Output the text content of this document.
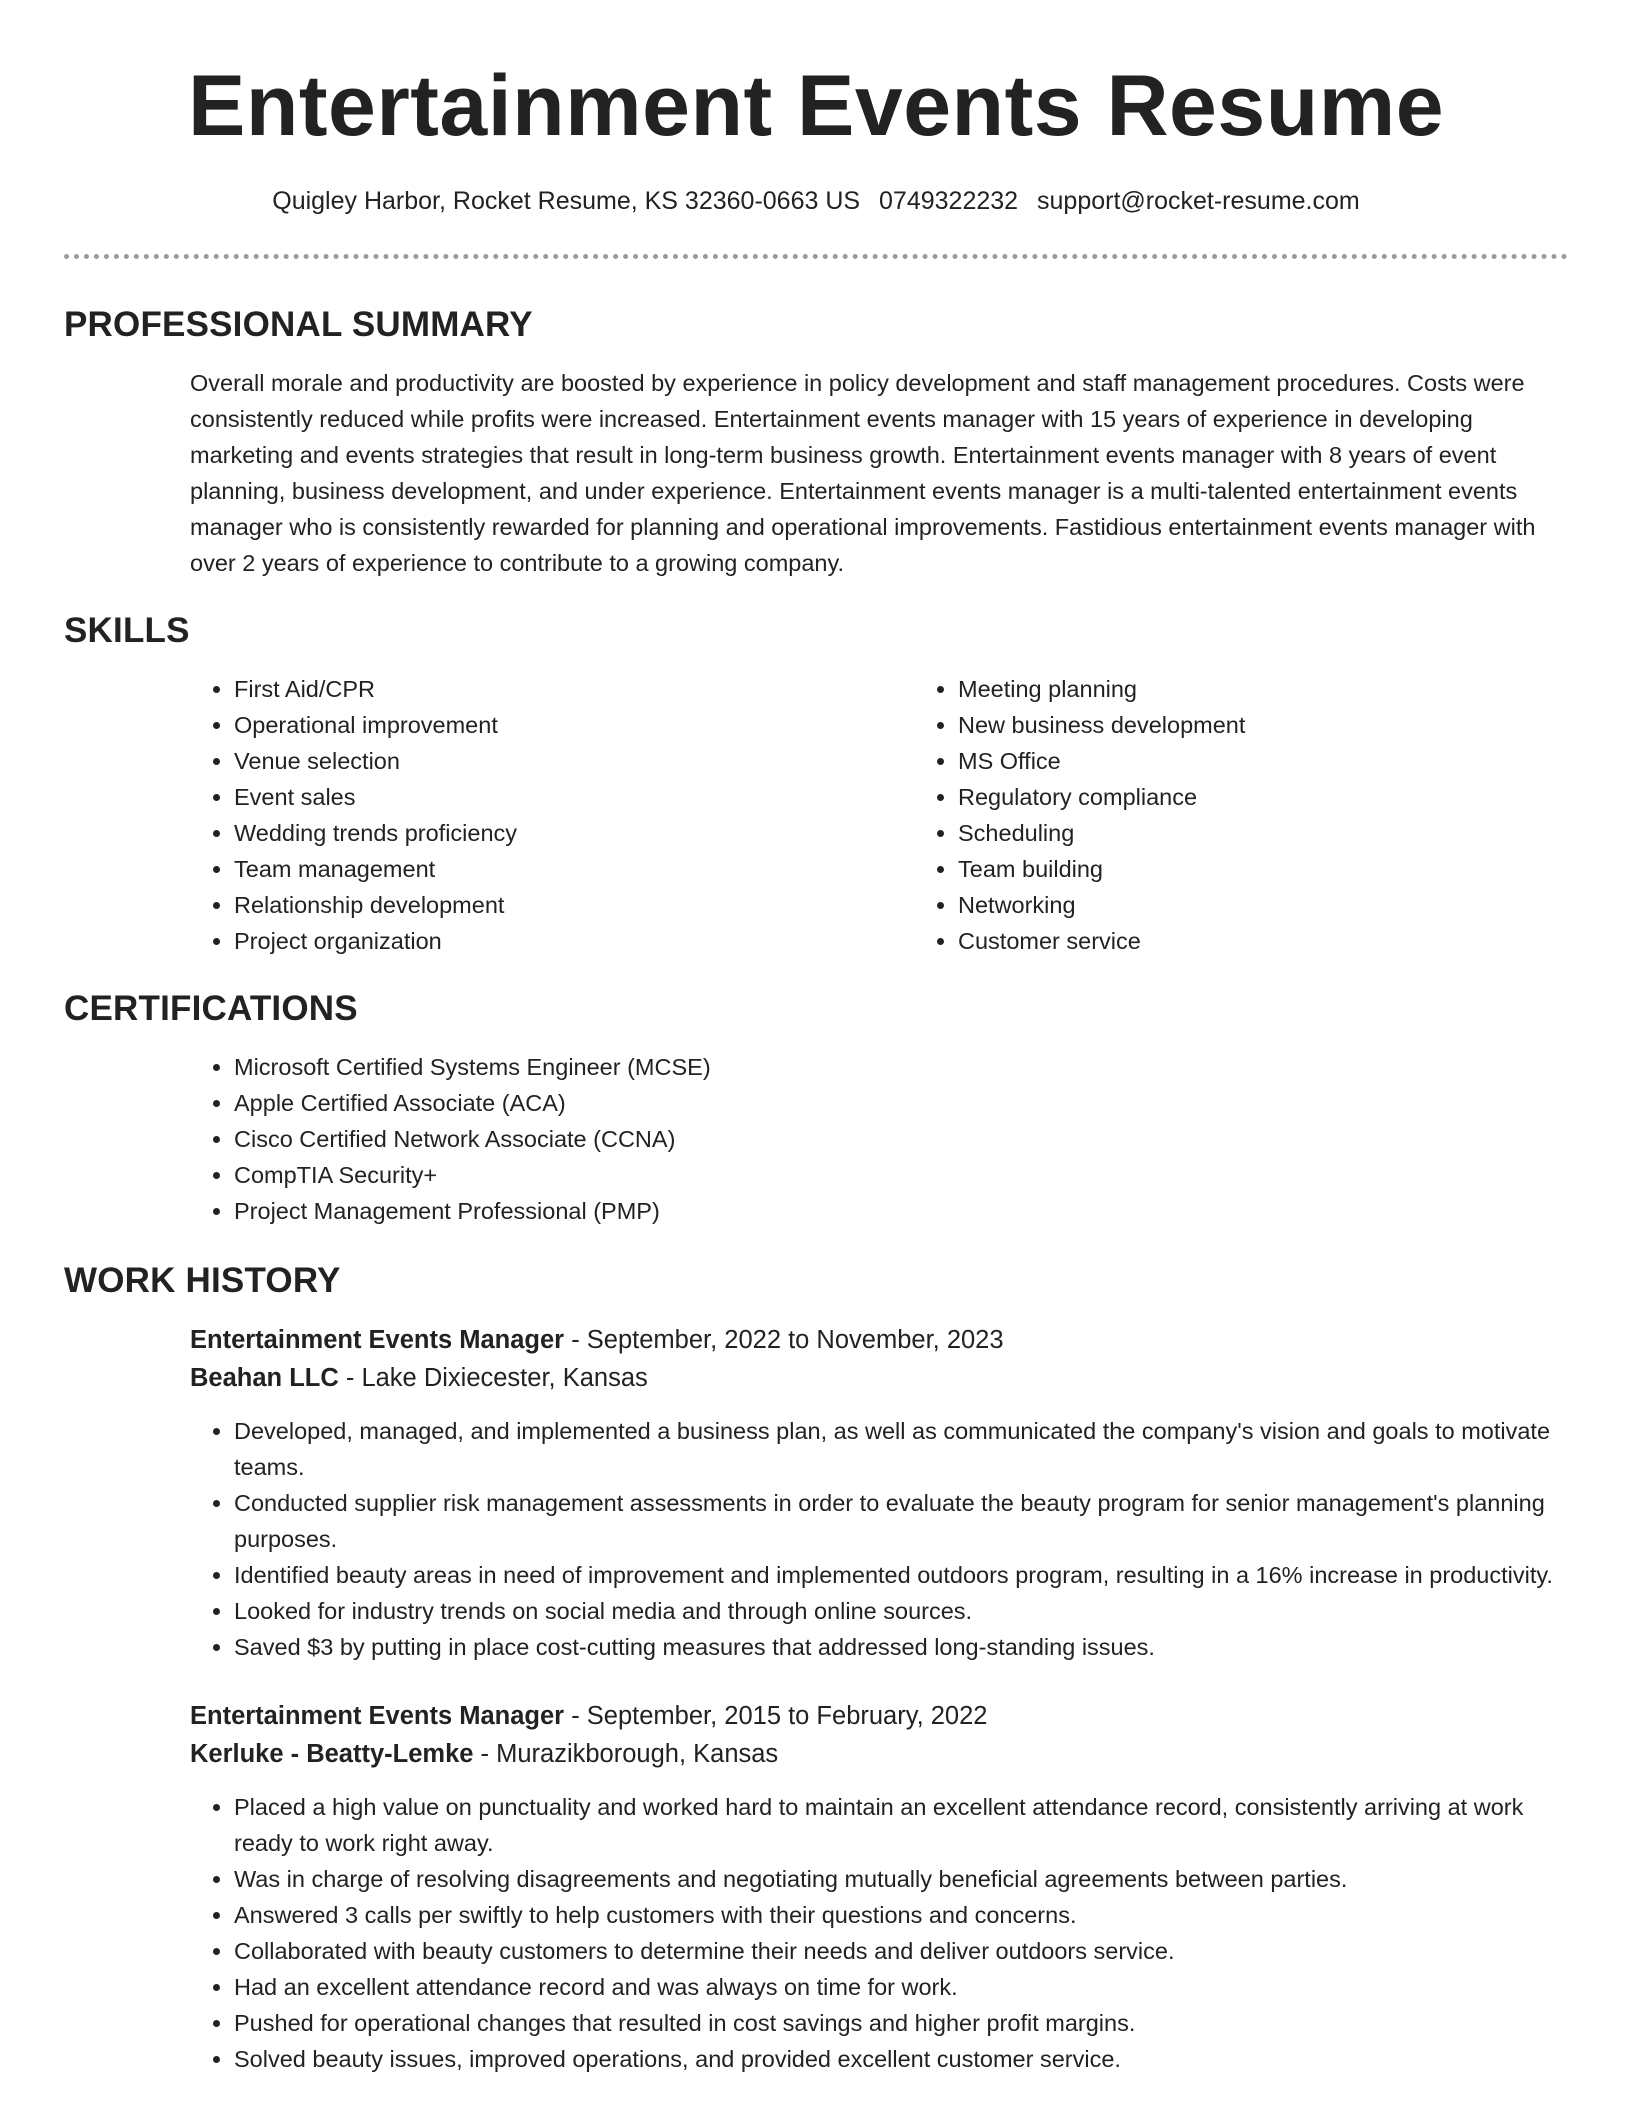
Entertainment Events Resume
Quigley Harbor, Rocket Resume, KS 32360-0663 US 0749322232 support@rocket-resume.com
PROFESSIONAL SUMMARY
Overall morale and productivity are boosted by experience in policy development and staff management procedures. Costs were consistently reduced while profits were increased. Entertainment events manager with 15 years of experience in developing marketing and events strategies that result in long-term business growth. Entertainment events manager with 8 years of event planning, business development, and under experience. Entertainment events manager is a multi-talented entertainment events manager who is consistently rewarded for planning and operational improvements. Fastidious entertainment events manager with over 2 years of experience to contribute to a growing company.
SKILLS
• First Aid/CPR
• Operational improvement
• Venue selection
• Event sales
• Wedding trends proficiency
• Team management
• Relationship development
• Project organization
• Meeting planning
• New business development
• MS Office
• Regulatory compliance
• Scheduling
• Team building
• Networking
• Customer service
CERTIFICATIONS
• Microsoft Certified Systems Engineer (MCSE)
• Apple Certified Associate (ACA)
• Cisco Certified Network Associate (CCNA)
• CompTIA Security+
• Project Management Professional (PMP)
WORK HISTORY
Entertainment Events Manager - September, 2022 to November, 2023
Beahan LLC - Lake Dixiecester, Kansas
• Developed, managed, and implemented a business plan, as well as communicated the company's vision and goals to motivate teams.
• Conducted supplier risk management assessments in order to evaluate the beauty program for senior management's planning purposes.
• Identified beauty areas in need of improvement and implemented outdoors program, resulting in a 16% increase in productivity.
• Looked for industry trends on social media and through online sources.
• Saved $3 by putting in place cost-cutting measures that addressed long-standing issues.
Entertainment Events Manager - September, 2015 to February, 2022
Kerluke - Beatty-Lemke - Murazikborough, Kansas
• Placed a high value on punctuality and worked hard to maintain an excellent attendance record, consistently arriving at work ready to work right away.
• Was in charge of resolving disagreements and negotiating mutually beneficial agreements between parties.
• Answered 3 calls per swiftly to help customers with their questions and concerns.
• Collaborated with beauty customers to determine their needs and deliver outdoors service.
• Had an excellent attendance record and was always on time for work.
• Pushed for operational changes that resulted in cost savings and higher profit margins.
• Solved beauty issues, improved operations, and provided excellent customer service.
